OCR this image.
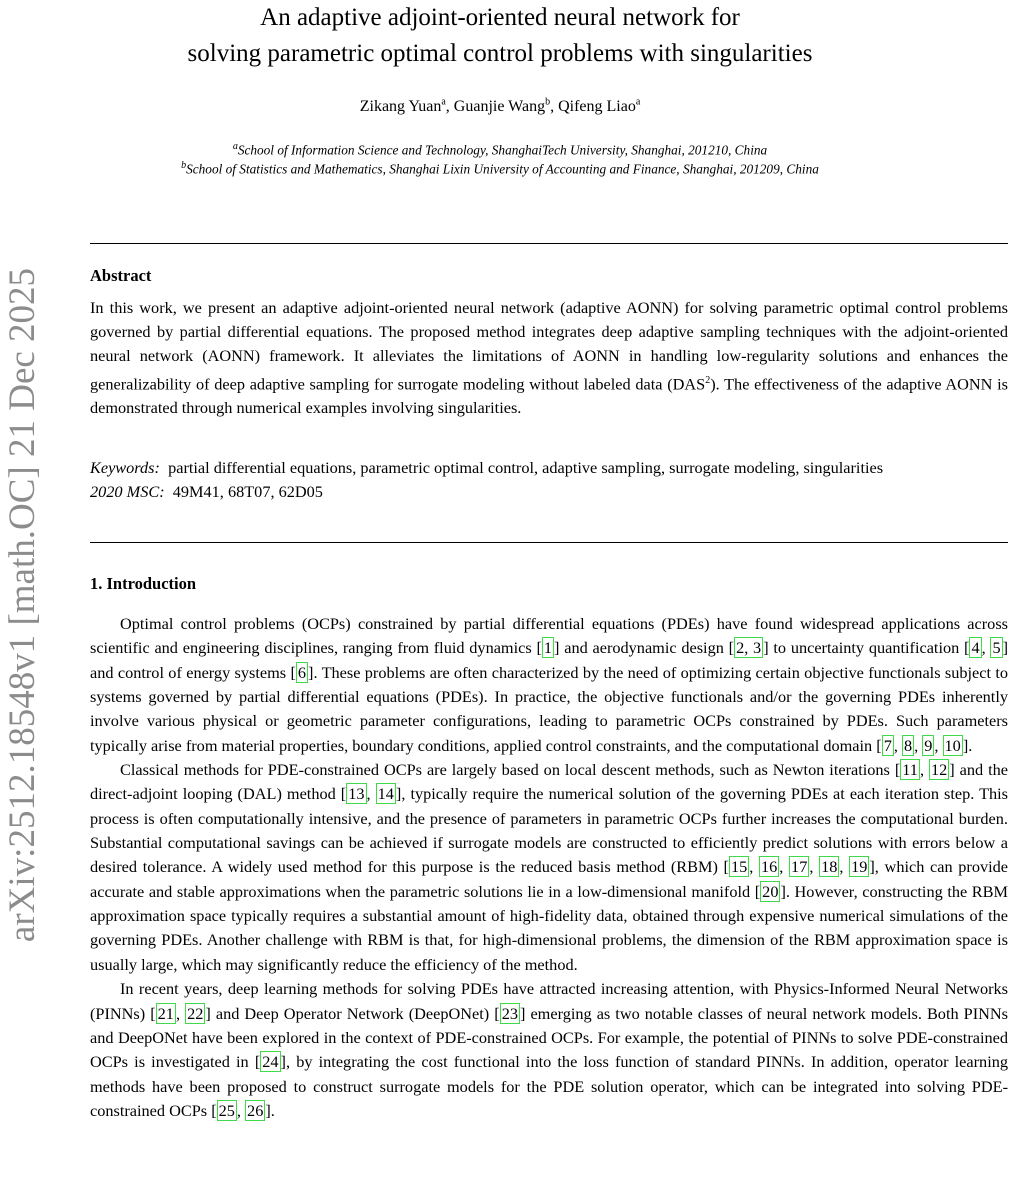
arXiv:2512.18548v1 [math.OC] 21 Dec 2025
An adaptive adjoint-oriented neural network for
solving parametric optimal control problems with singularities
Zikang Yuan$^a$, Guanjie Wang$^b$, Qifeng Liao$^a$
$^a$School of Information Science and Technology, ShanghaiTech University, Shanghai, 201210, China
$^b$School of Statistics and Mathematics, Shanghai Lixin University of Accounting and Finance, Shanghai, 201209, China
Abstract

In this work, we present an adaptive adjoint-oriented neural network (adaptive AONN) for solving parametric optimal control problems governed by partial differential equations. The proposed method integrates deep adaptive sampling techniques with the adjoint-oriented neural network (AONN) framework. It alleviates the limitations of AONN in handling low-regularity solutions and enhances the generalizability of deep adaptive sampling for surrogate modeling without labeled data (DAS$^2$). The effectiveness of the adaptive AONN is demonstrated through numerical examples involving singularities.

Keywords: partial differential equations, parametric optimal control, adaptive sampling, surrogate modeling, singularities
2020 MSC: 49M41, 68T07, 62D05
1. Introduction

Optimal control problems (OCPs) constrained by partial differential equations (PDEs) have found widespread applications across scientific and engineering disciplines, ranging from fluid dynamics [ 1 ] and aerodynamic design [ 2, 3 ] to uncertainty quantification [ 4 , 5 ] and control of energy systems [ 6 ]. These problems are often characterized by the need of optimizing certain objective functionals subject to systems governed by partial differential equations (PDEs). In practice, the objective functionals and/or the governing PDEs inherently involve various physical or geometric parameter configurations, leading to parametric OCPs constrained by PDEs. Such parameters typically arise from material properties, boundary conditions, applied control constraints, and the computational domain [ 7 , 8 , 9 , 10 ].

Classical methods for PDE-constrained OCPs are largely based on local descent methods, such as Newton iterations [ 11 , 12 ] and the direct-adjoint looping (DAL) method [ 13 , 14 ], typically require the numerical solution of the governing PDEs at each iteration step. This process is often computationally intensive, and the presence of parameters in parametric OCPs further increases the computational burden. Substantial computational savings can be achieved if surrogate models are constructed to efficiently predict solutions with errors below a desired tolerance. A widely used method for this purpose is the reduced basis method (RBM) [ 15 , 16 , 17 , 18 , 19 ], which can provide accurate and stable approximations when the parametric solutions lie in a low-dimensional manifold [ 20 ]. However, constructing the RBM approximation space typically requires a substantial amount of high-fidelity data, obtained through expensive numerical simulations of the governing PDEs. Another challenge with RBM is that, for high-dimensional problems, the dimension of the RBM approximation space is usually large, which may significantly reduce the efficiency of the method.

In recent years, deep learning methods for solving PDEs have attracted increasing attention, with Physics-Informed Neural Networks (PINNs) [ 21 , 22 ] and Deep Operator Network (DeepONet) [ 23 ] emerging as two notable classes of neural network models. Both PINNs and DeepONet have been explored in the context of PDE-constrained OCPs. For example, the potential of PINNs to solve PDE-constrained OCPs is investigated in [ 24 ], by integrating the cost functional into the loss function of standard PINNs. In addition, operator learning methods have been proposed to construct surrogate models for the PDE solution operator, which can be integrated into solving PDE-constrained OCPs [ 25 , 26 ].
